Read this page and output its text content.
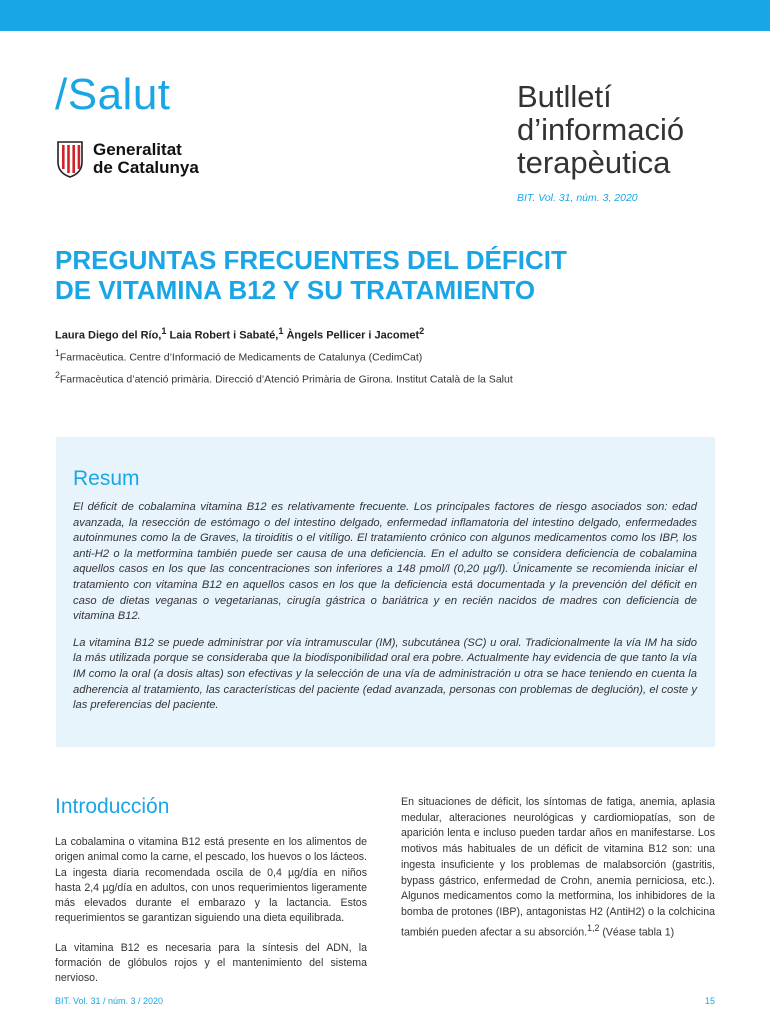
/Salut
Generalitat
de Catalunya
Butlletí
d’informació
terapèutica
BIT. Vol. 31, núm. 3, 2020
PREGUNTAS FRECUENTES DEL DÉFICIT
DE VITAMINA B12 Y SU TRATAMIENTO
Laura Diego del Río,$^1$ Laia Robert i Sabaté,$^1$ Àngels Pellicer i Jacomet$^2$
$^1$Farmacèutica. Centre d’Informació de Medicaments de Catalunya (CedimCat)
$^2$Farmacèutica d’atenció primària. Direcció d’Atenció Primària de Girona. Institut Català de la Salut
Resum

El déficit de cobalamina vitamina B12 es relativamente frecuente. Los principales factores de riesgo asociados son: edad avanzada, la resección de estómago o del intestino delgado, enfermedad inflamatoria del intestino delgado, enfermedades autoinmunes como la de Graves, la tiroiditis o el vitíligo. El tratamiento crónico con algunos medicamentos como los IBP, los anti-H2 o la metformina también puede ser causa de una deficiencia. En el adulto se considera deficiencia de cobalamina aquellos casos en los que las concentraciones son inferiores a 148 pmol/l (0,20 µg/l). Únicamente se recomienda iniciar el tratamiento con vitamina B12 en aquellos casos en los que la deficiencia está documentada y la prevención del déficit en caso de dietas veganas o vegetarianas, cirugía gástrica o bariátrica y en recién nacidos de madres con deficiencia de vitamina B12.

La vitamina B12 se puede administrar por vía intramuscular (IM), subcutánea (SC) u oral. Tradicionalmente la vía IM ha sido la más utilizada porque se consideraba que la biodisponibilidad oral era pobre. Actualmente hay evidencia de que tanto la vía IM como la oral (a dosis altas) son efectivas y la selección de una vía de administración u otra se hace teniendo en cuenta la adherencia al tratamiento, las características del paciente (edad avanzada, personas con problemas de deglución), el coste y las preferencias del paciente.

Introducción

La cobalamina o vitamina B12 está presente en los alimentos de origen animal como la carne, el pescado, los huevos o los lácteos. La ingesta diaria recomendada oscila de 0,4 µg/día en niños hasta 2,4 µg/día en adultos, con unos requerimientos ligeramente más elevados durante el embarazo y la lactancia. Estos requerimientos se garantizan siguiendo una dieta equilibrada.

La vitamina B12 es necesaria para la síntesis del ADN, la formación de glóbulos rojos y el mantenimiento del sistema nervioso.

En situaciones de déficit, los síntomas de fatiga, anemia, aplasia medular, alteraciones neurológicas y cardiomiopatías, son de aparición lenta e incluso pueden tardar años en manifestarse. Los motivos más habituales de un déficit de vitamina B12 son: una ingesta insuficiente y los problemas de malabsorción (gastritis, bypass gástrico, enfermedad de Crohn, anemia perniciosa, etc.). Algunos medicamentos como la metformina, los inhibidores de la bomba de protones (IBP), antagonistas H2 (AntiH2) o la colchicina también pueden afectar a su absorción.$^{1,2}$ (Véase tabla 1)

BIT. Vol. 31 / núm. 3 / 2020	15
